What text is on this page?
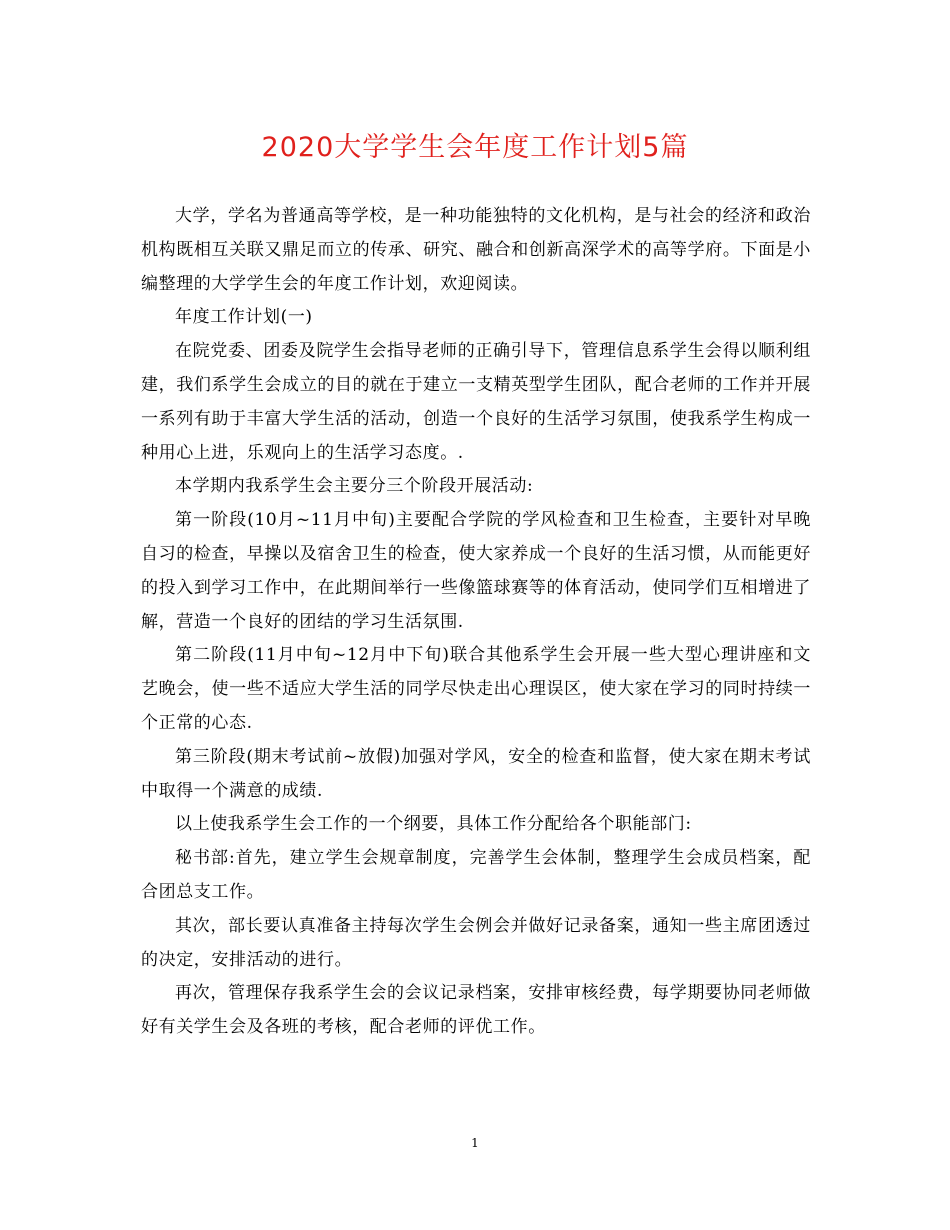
2020大学学生会年度工作计划5篇

大学，学名为普通高等学校，是一种功能独特的文化机构，是与社会的经济和政治机构既相互关联又鼎足而立的传承、研究、融合和创新高深学术的高等学府。下面是小编整理的大学学生会的年度工作计划，欢迎阅读。

年度工作计划(一)

在院党委、团委及院学生会指导老师的正确引导下，管理信息系学生会得以顺利组建，我们系学生会成立的目的就在于建立一支精英型学生团队，配合老师的工作并开展一系列有助于丰富大学生活的活动，创造一个良好的生活学习氛围，使我系学生构成一种用心上进，乐观向上的生活学习态度。.

本学期内我系学生会主要分三个阶段开展活动:

第一阶段(10月~11月中旬)主要配合学院的学风检查和卫生检查，主要针对早晚自习的检查，早操以及宿舍卫生的检查，使大家养成一个良好的生活习惯，从而能更好的投入到学习工作中，在此期间举行一些像篮球赛等的体育活动，使同学们互相增进了解，营造一个良好的团结的学习生活氛围.

第二阶段(11月中旬~12月中下旬)联合其他系学生会开展一些大型心理讲座和文艺晚会，使一些不适应大学生活的同学尽快走出心理误区，使大家在学习的同时持续一个正常的心态.

第三阶段(期末考试前~放假)加强对学风，安全的检查和监督，使大家在期末考试中取得一个满意的成绩.

以上使我系学生会工作的一个纲要，具体工作分配给各个职能部门:

秘书部:首先，建立学生会规章制度，完善学生会体制，整理学生会成员档案，配合团总支工作。

其次，部长要认真准备主持每次学生会例会并做好记录备案，通知一些主席团透过的决定，安排活动的进行。

再次，管理保存我系学生会的会议记录档案，安排审核经费，每学期要协同老师做好有关学生会及各班的考核，配合老师的评优工作。

1
